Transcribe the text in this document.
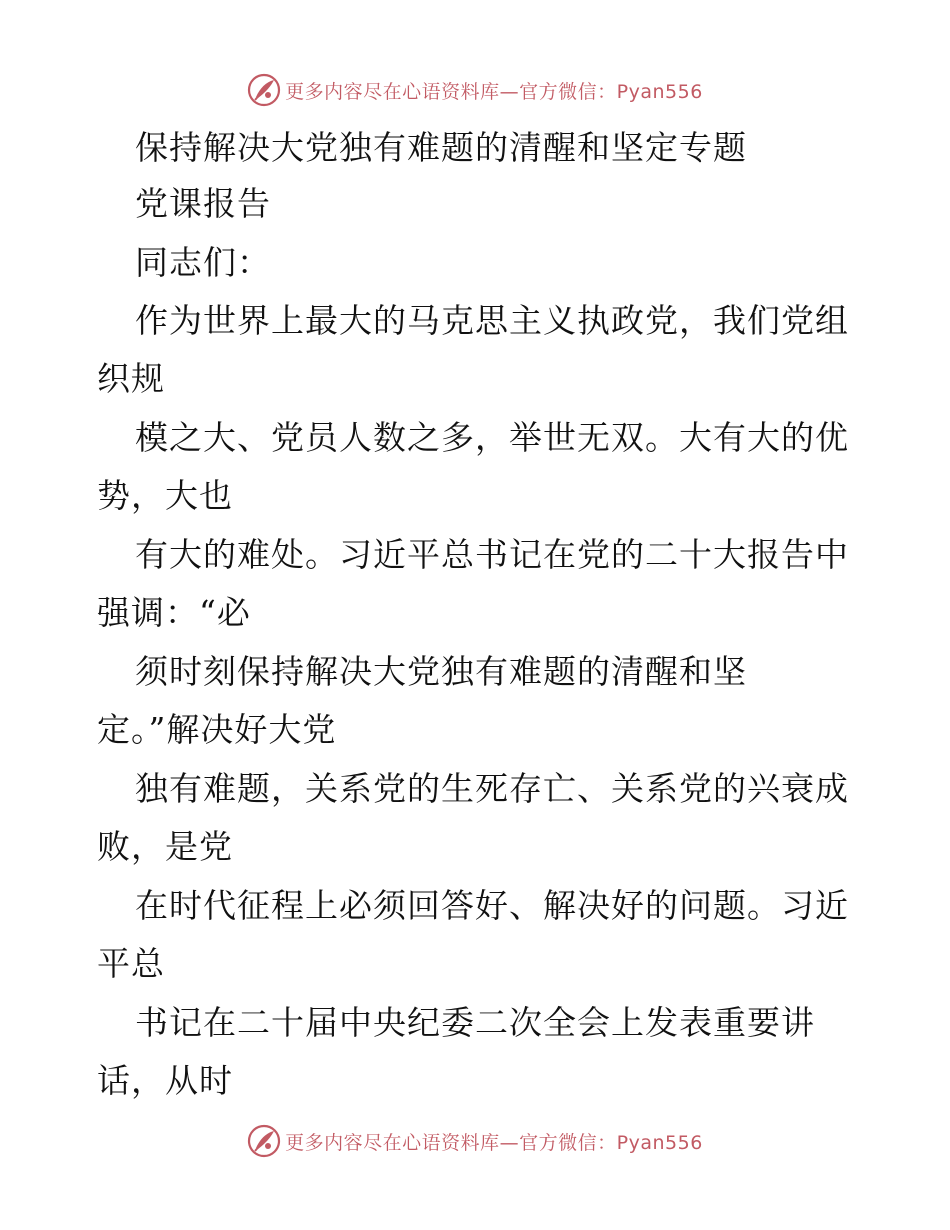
更多内容尽在心语资料库—官方微信：Pyan556
保持解决大党独有难题的清醒和坚定专题
党课报告
同志们：
作为世界上最大的马克思主义执政党，我们党组
织规
模之大、党员人数之多，举世无双。大有大的优
势，大也
有大的难处。习近平总书记在党的二十大报告中
强调：“必
须时刻保持解决大党独有难题的清醒和坚
定。”解决好大党
独有难题，关系党的生死存亡、关系党的兴衰成
败，是党
在时代征程上必须回答好、解决好的问题。习近
平总
书记在二十届中央纪委二次全会上发表重要讲
话，从时
更多内容尽在心语资料库—官方微信：Pyan556
